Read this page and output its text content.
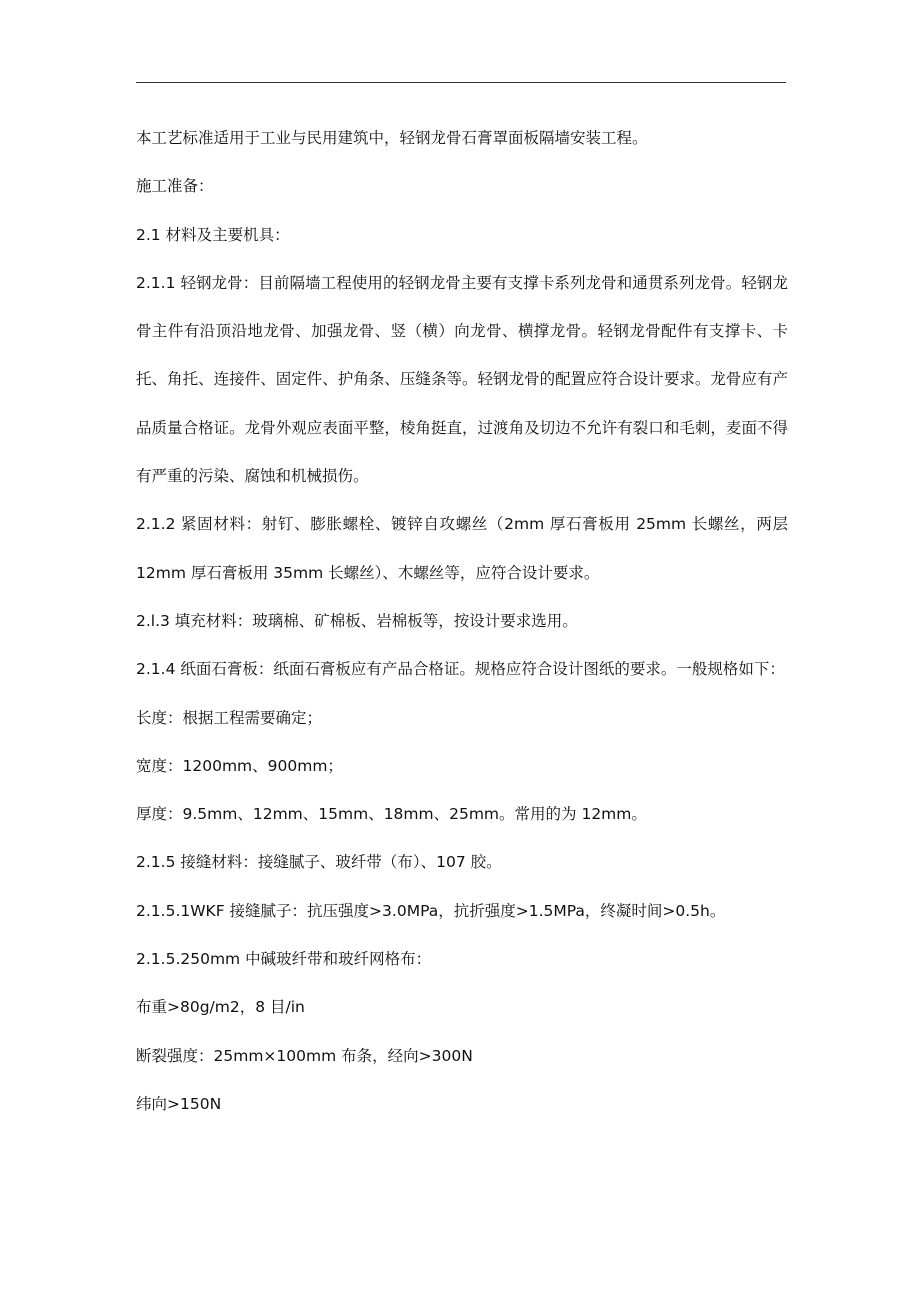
本工艺标准适用于工业与民用建筑中，轻钢龙骨石膏罩面板隔墙安装工程。

施工准备：

2.1 材料及主要机具：

2.1.1 轻钢龙骨：目前隔墙工程使用的轻钢龙骨主要有支撑卡系列龙骨和通贯系列龙骨。轻钢龙骨主件有沿顶沿地龙骨、加强龙骨、竖（横）向龙骨、横撑龙骨。轻钢龙骨配件有支撑卡、卡托、角托、连接件、固定件、护角条、压缝条等。轻钢龙骨的配置应符合设计要求。龙骨应有产品质量合格证。龙骨外观应表面平整，棱角挺直，过渡角及切边不允许有裂口和毛刺，麦面不得有严重的污染、腐蚀和机械损伤。

2.1.2 紧固材料：射钉、膨胀螺栓、镀锌自攻螺丝（2mm 厚石膏板用 25mm 长螺丝，两层 12mm 厚石膏板用 35mm 长螺丝）、木螺丝等，应符合设计要求。

2.l.3 填充材料：玻璃棉、矿棉板、岩棉板等，按设计要求选用。

2.1.4 纸面石膏板：纸面石膏板应有产品合格证。规格应符合设计图纸的要求。一般规格如下：

长度：根据工程需要确定；

宽度：1200mm、900mm；

厚度：9.5mm、12mm、15mm、18mm、25mm。常用的为 12mm。

2.1.5 接缝材料：接缝腻子、玻纤带（布）、107 胶。

2.1.5.1WKF 接缝腻子：抗压强度>3.0MPa，抗折强度>1.5MPa，终凝时间>0.5h。

2.1.5.250mm 中碱玻纤带和玻纤网格布：

布重>80g/m2，8 目/in

断裂强度：25mm×100mm 布条，经向>300N

纬向>150N
